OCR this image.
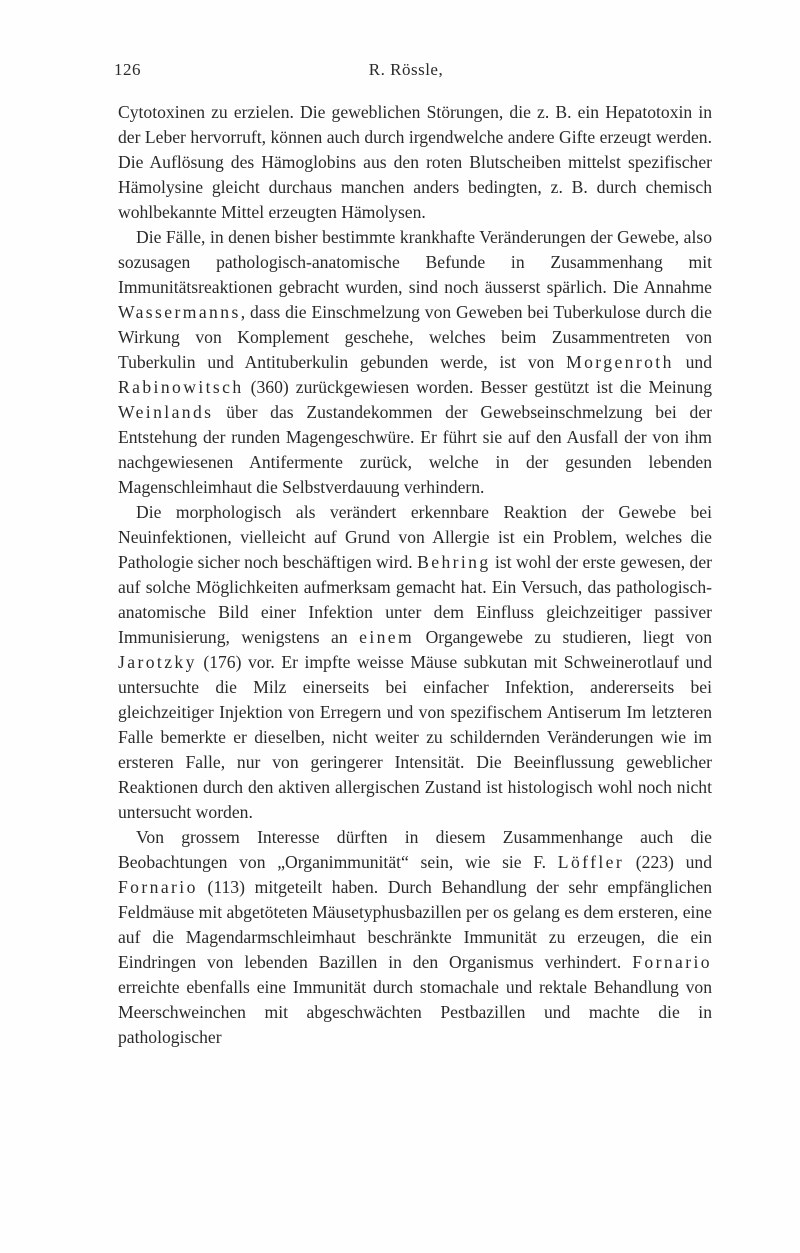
126	R. Rössle,

Cytotoxinen zu erzielen. Die geweblichen Störungen, die z. B. ein Hepatotoxin in der Leber hervorruft, können auch durch irgendwelche andere Gifte erzeugt werden. Die Auflösung des Hämoglobins aus den roten Blutscheiben mittelst spezifischer Hämolysine gleicht durchaus manchen anders bedingten, z. B. durch chemisch wohlbekannte Mittel erzeugten Hämolysen.

Die Fälle, in denen bisher bestimmte krankhafte Veränderungen der Gewebe, also sozusagen pathologisch-anatomische Befunde in Zusammenhang mit Immunitätsreaktionen gebracht wurden, sind noch äusserst spärlich. Die Annahme Wassermanns, dass die Einschmelzung von Geweben bei Tuberkulose durch die Wirkung von Komplement geschehe, welches beim Zusammentreten von Tuberkulin und Antituberkulin gebunden werde, ist von Morgenroth und Rabinowitsch (360) zurückgewiesen worden. Besser gestützt ist die Meinung Weinlands über das Zustandekommen der Gewebseinschmelzung bei der Entstehung der runden Magengeschwüre. Er führt sie auf den Ausfall der von ihm nachgewiesenen Antifermente zurück, welche in der gesunden lebenden Magenschleimhaut die Selbstverdauung verhindern.

Die morphologisch als verändert erkennbare Reaktion der Gewebe bei Neuinfektionen, vielleicht auf Grund von Allergie ist ein Problem, welches die Pathologie sicher noch beschäftigen wird. Behring ist wohl der erste gewesen, der auf solche Möglichkeiten aufmerksam gemacht hat. Ein Versuch, das pathologisch-anatomische Bild einer Infektion unter dem Einfluss gleichzeitiger passiver Immunisierung, wenigstens an einem Organgewebe zu studieren, liegt von Jarotzky (176) vor. Er impfte weisse Mäuse subkutan mit Schweinerotlauf und untersuchte die Milz einerseits bei einfacher Infektion, andererseits bei gleichzeitiger Injektion von Erregern und von spezifischem Antiserum Im letzteren Falle bemerkte er dieselben, nicht weiter zu schildernden Veränderungen wie im ersteren Falle, nur von geringerer Intensität. Die Beeinflussung geweblicher Reaktionen durch den aktiven allergischen Zustand ist histologisch wohl noch nicht untersucht worden.

Von grossem Interesse dürften in diesem Zusammenhange auch die Beobachtungen von „Organimmunität“ sein, wie sie F. Löffler (223) und Fornario (113) mitgeteilt haben. Durch Behandlung der sehr empfänglichen Feldmäuse mit abgetöteten Mäusetyphusbazillen per os gelang es dem ersteren, eine auf die Magendarmschleimhaut beschränkte Immunität zu erzeugen, die ein Eindringen von lebenden Bazillen in den Organismus verhindert. Fornario erreichte ebenfalls eine Immunität durch stomachale und rektale Behandlung von Meerschweinchen mit abgeschwächten Pestbazillen und machte die in pathologischer
